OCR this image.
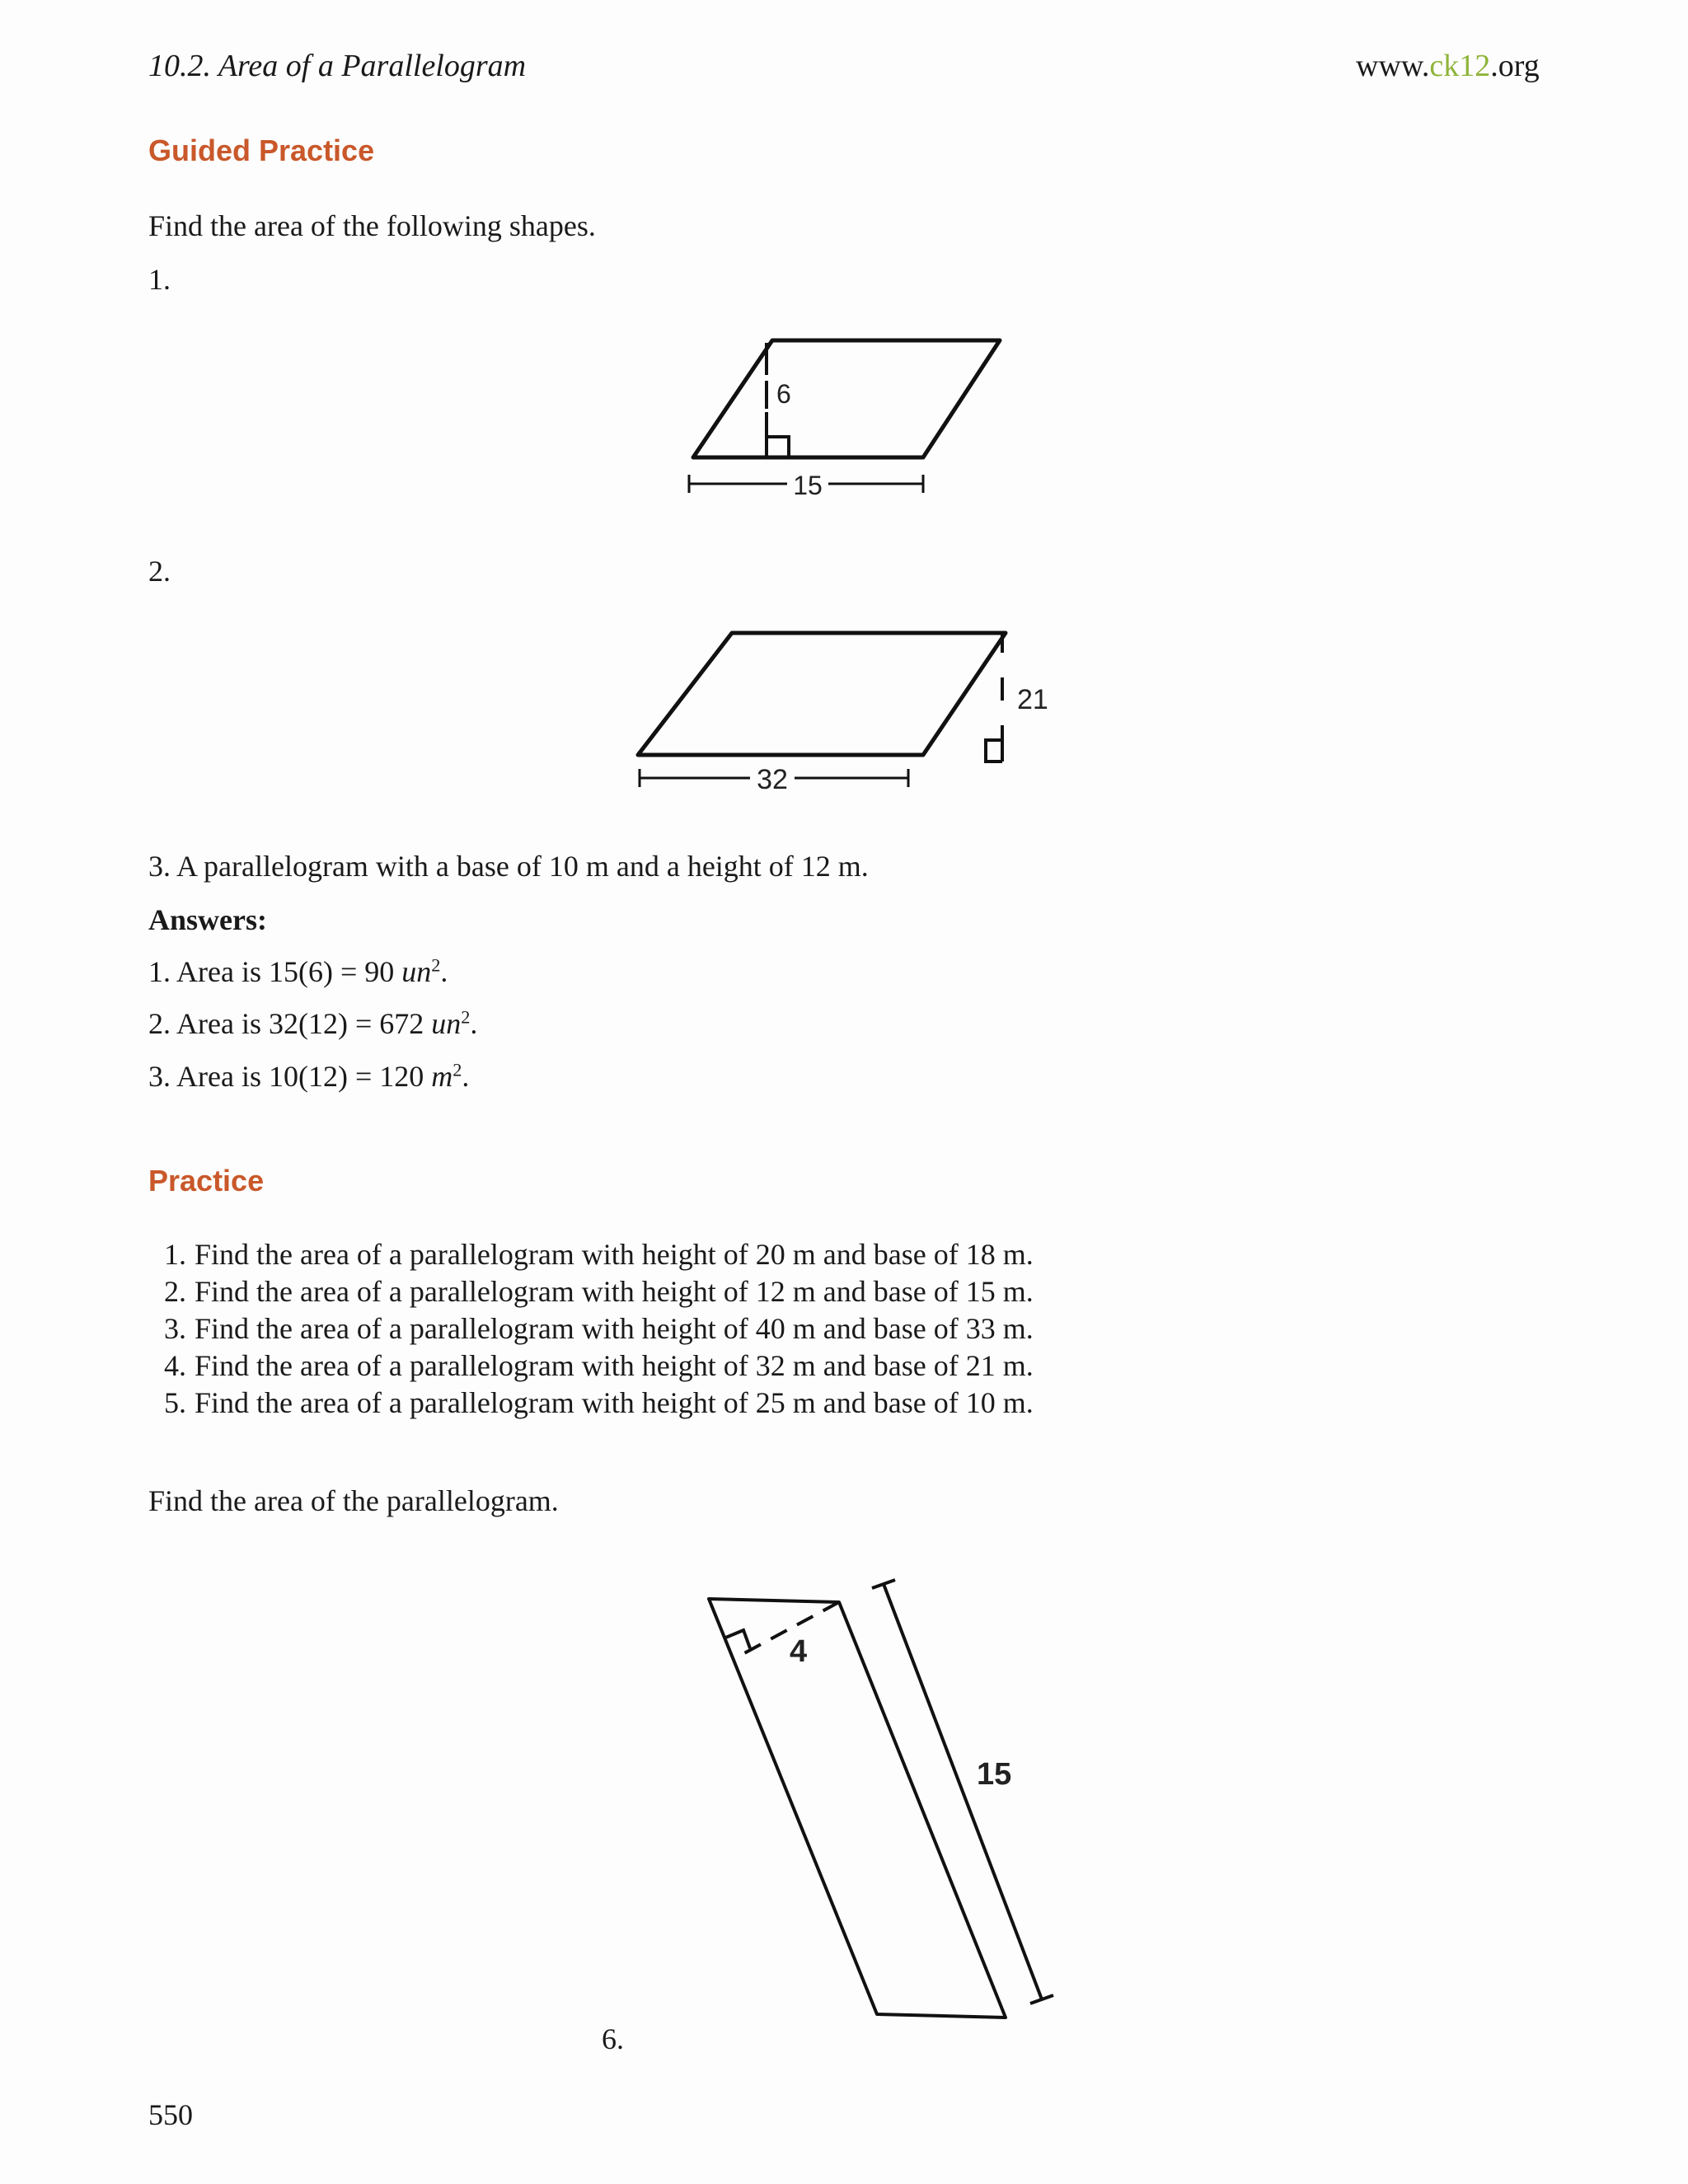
10.2. Area of a Parallelogram	www.ck12.org
Guided Practice
Find the area of the following shapes.
1.
6
15
2.
21
32
3. A parallelogram with a base of 10 m and a height of 12 m.
Answers:
1. Area is 15(6) = 90 $un^2$.
2. Area is 32(12) = 672 $un^2$.
3. Area is 10(12) = 120 $m^2$.
Practice
1. Find the area of a parallelogram with height of 20 m and base of 18 m.
2. Find the area of a parallelogram with height of 12 m and base of 15 m.
3. Find the area of a parallelogram with height of 40 m and base of 33 m.
4. Find the area of a parallelogram with height of 32 m and base of 21 m.
5. Find the area of a parallelogram with height of 25 m and base of 10 m.
Find the area of the parallelogram.
4
15
6.
550
